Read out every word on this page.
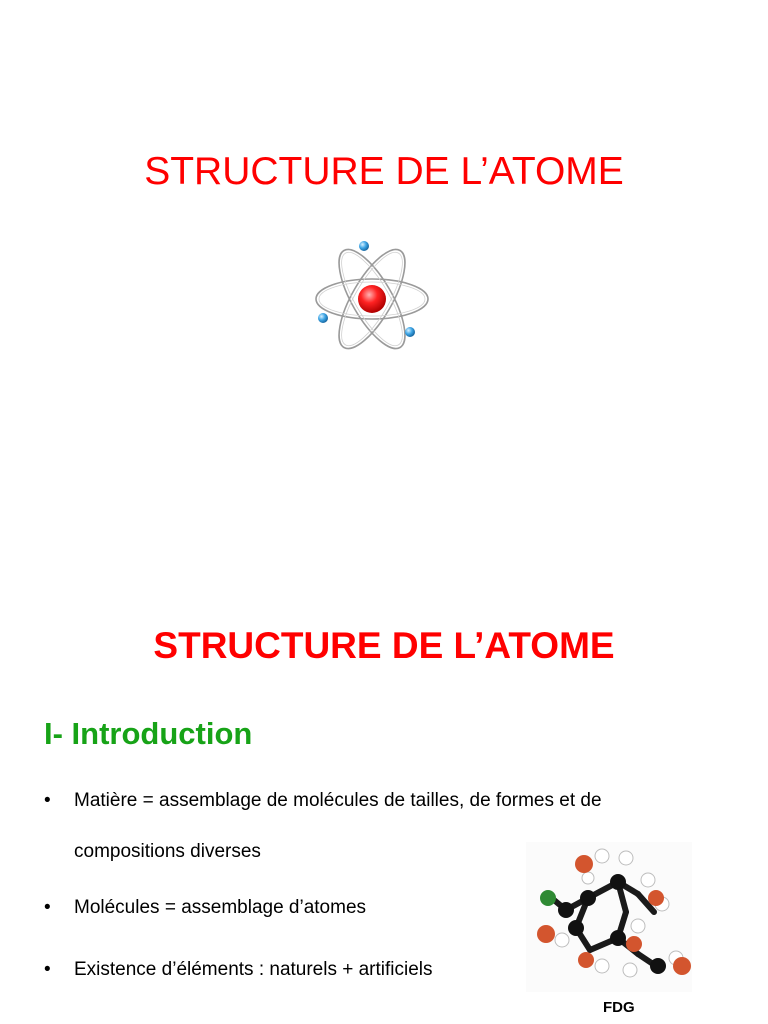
STRUCTURE DE L’ATOME
STRUCTURE DE L’ATOME
I- Introduction
• Matière = assemblage de molécules de tailles, de formes et de
compositions diverses
• Molécules = assemblage d’atomes
• Existence d’éléments : naturels + artificiels
FDG
